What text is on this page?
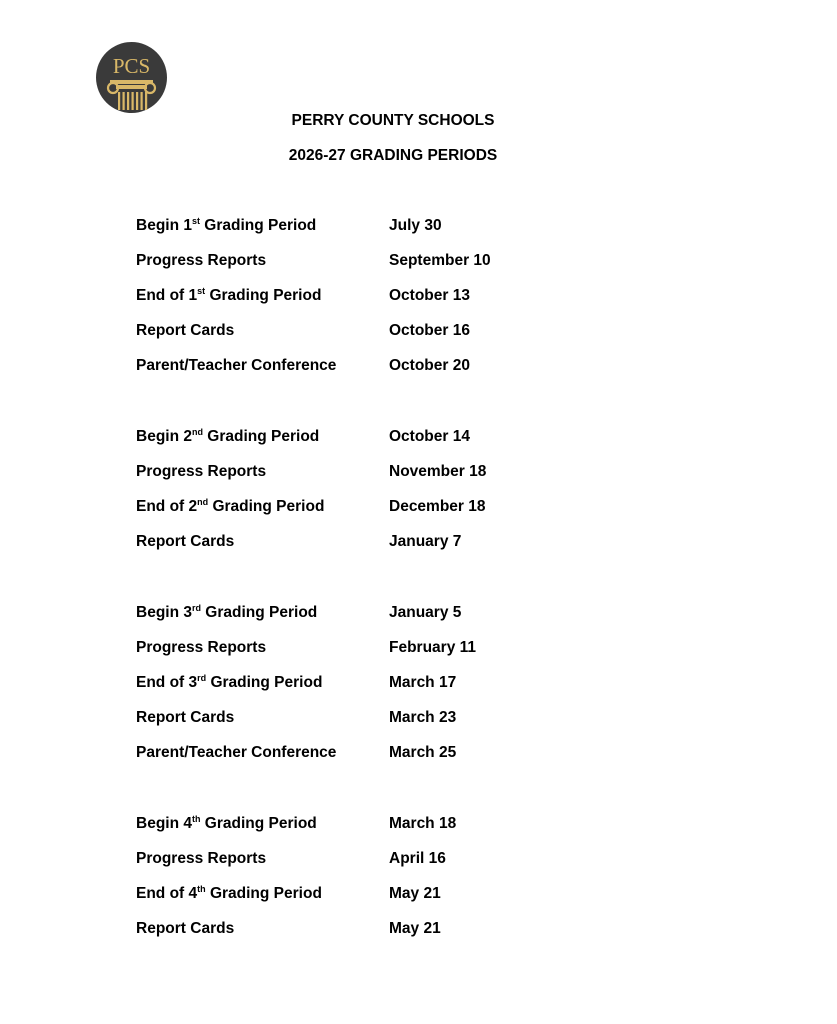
PCS
PERRY COUNTY SCHOOLS
2026-27 GRADING PERIODS
Begin 1st Grading Period	July 30
Progress Reports	September 10
End of 1st Grading Period	October 13
Report Cards	October 16
Parent/Teacher Conference	October 20
Begin 2nd Grading Period	October 14
Progress Reports	November 18
End of 2nd Grading Period	December 18
Report Cards	January 7
Begin 3rd Grading Period	January 5
Progress Reports	February 11
End of 3rd Grading Period	March 17
Report Cards	March 23
Parent/Teacher Conference	March 25
Begin 4th Grading Period	March 18
Progress Reports	April 16
End of 4th Grading Period	May 21
Report Cards	May 21
